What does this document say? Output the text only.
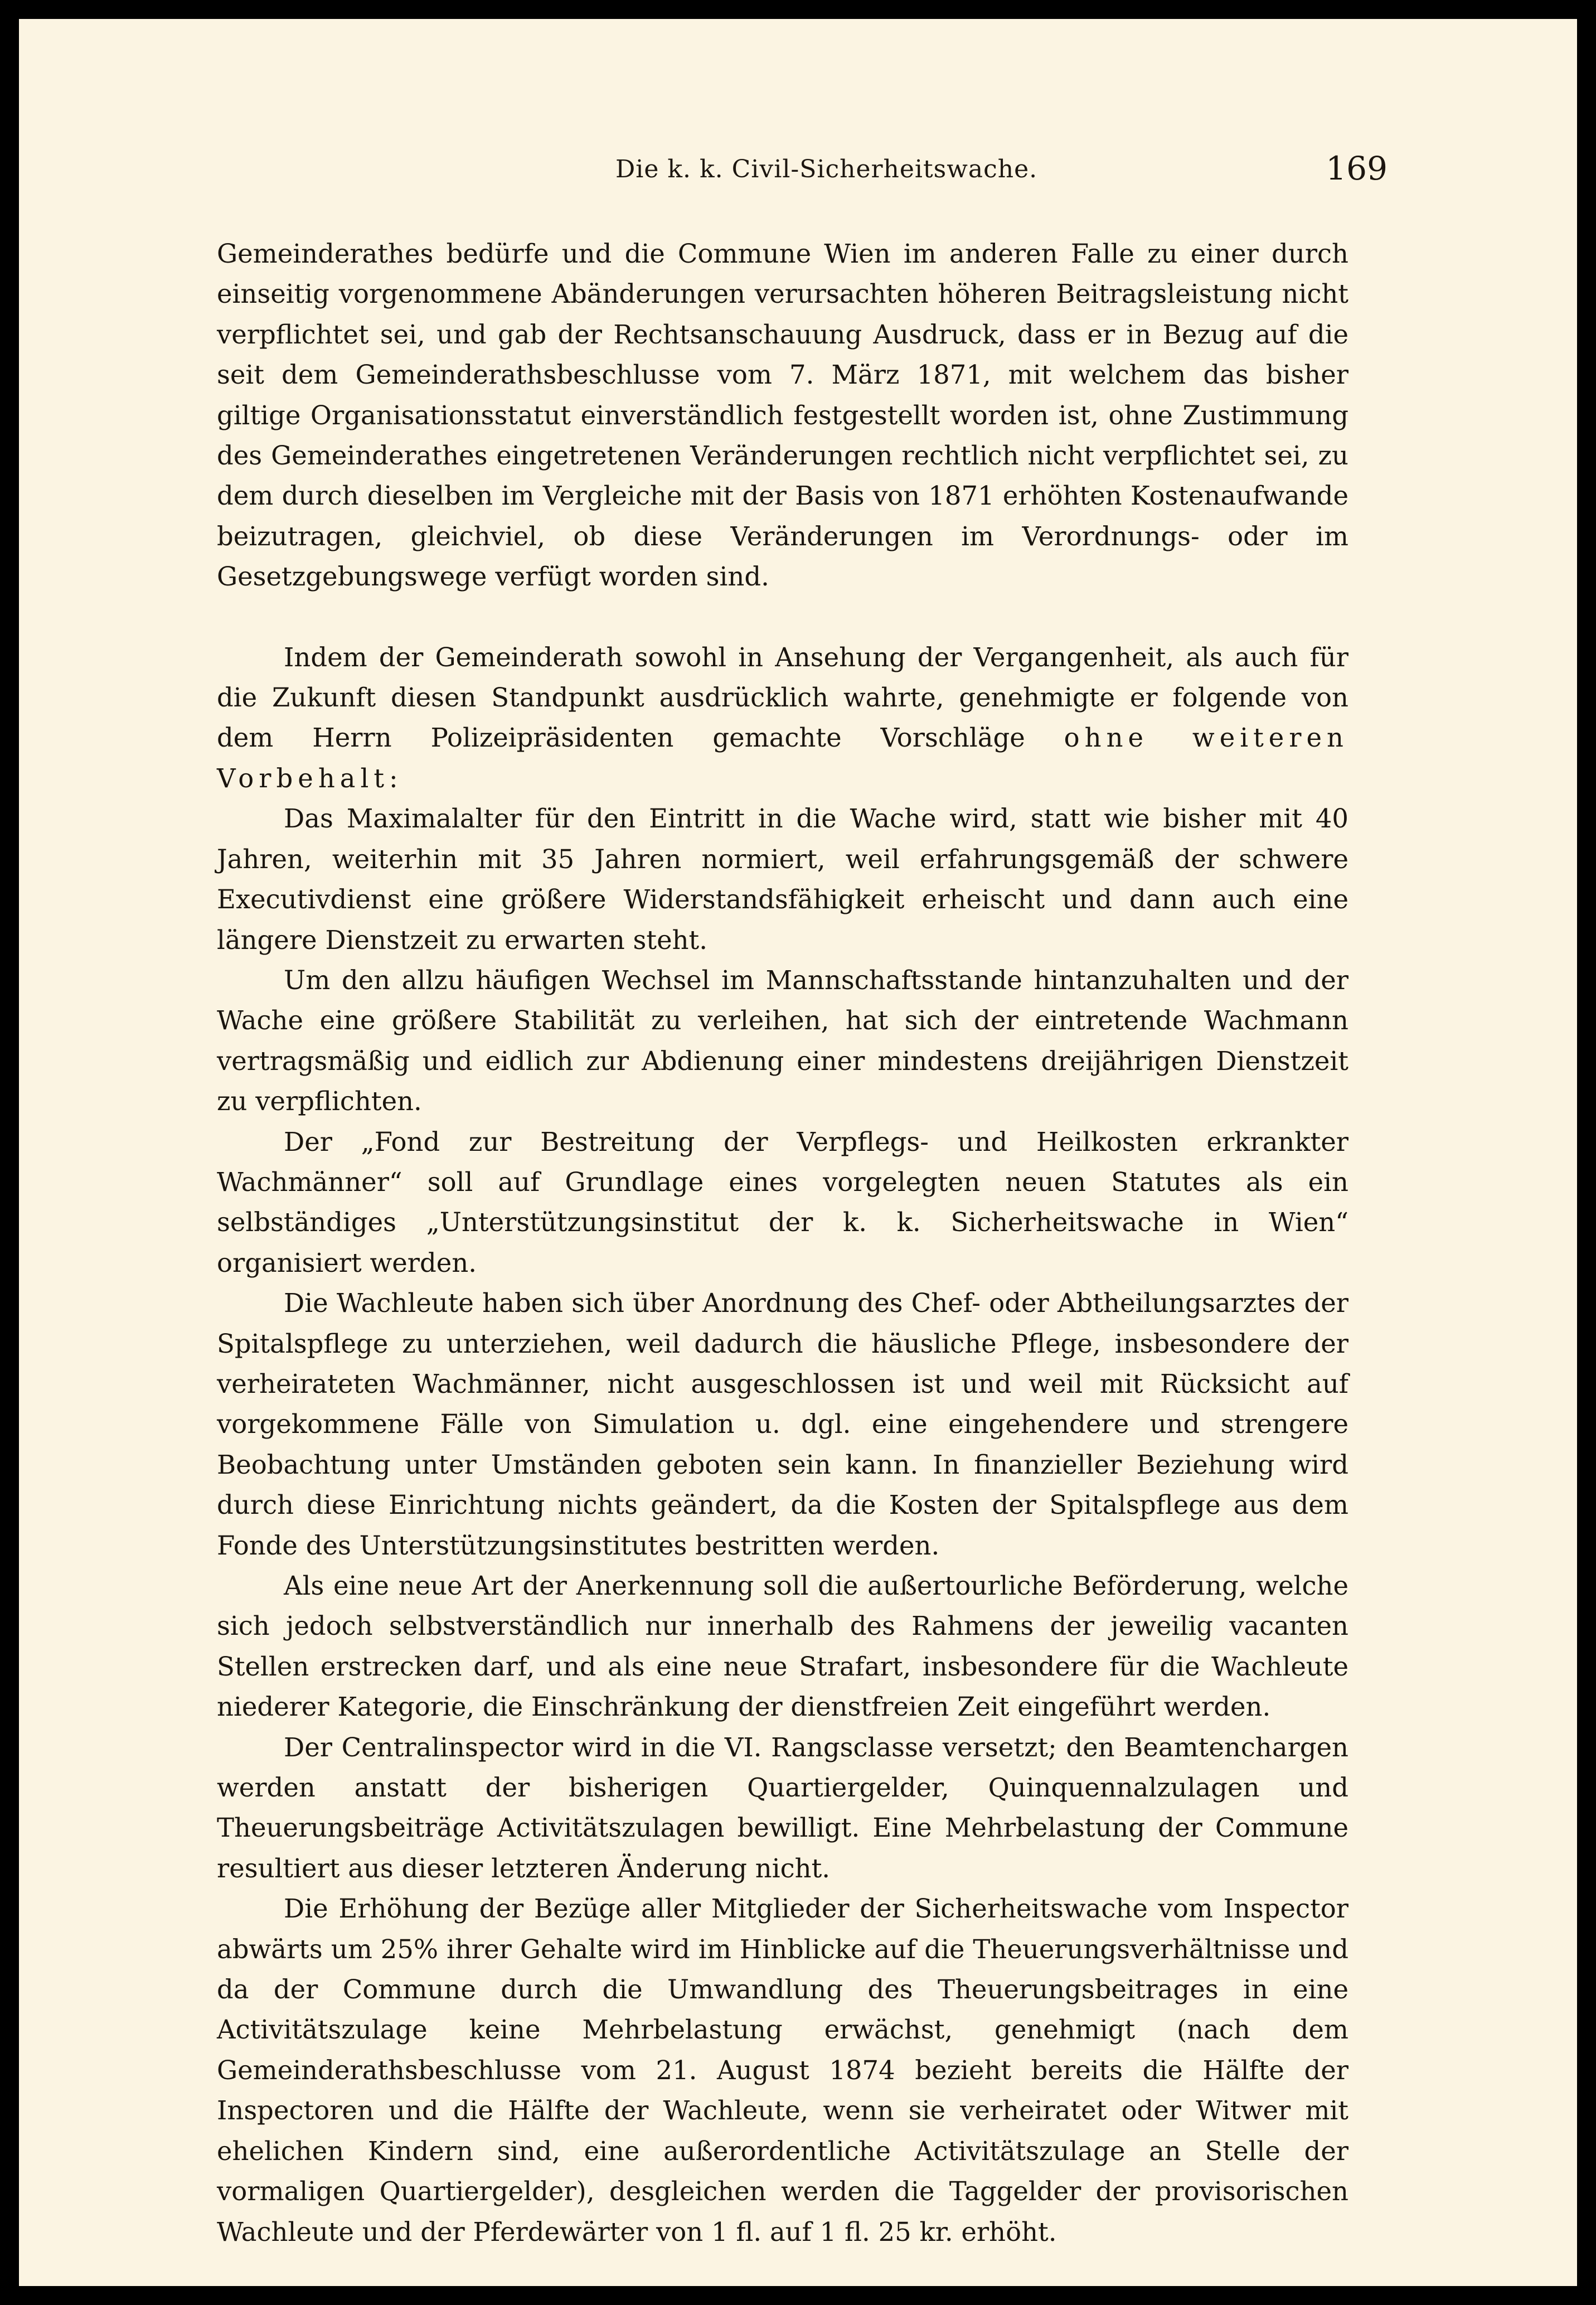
Die k. k. Civil-Sicherheitswache.	169

Gemeinderathes bedürfe und die Commune Wien im anderen Falle zu einer durch einseitig vorgenommene Abänderungen verursachten höheren Beitragsleistung nicht verpflichtet sei, und gab der Rechtsanschauung Ausdruck, dass er in Bezug auf die seit dem Gemeinderathsbeschlusse vom 7. März 1871, mit welchem das bisher giltige Organisationsstatut einverständlich festgestellt worden ist, ohne Zustimmung des Gemeinderathes eingetretenen Veränderungen rechtlich nicht verpflichtet sei, zu dem durch dieselben im Vergleiche mit der Basis von 1871 erhöhten Kostenaufwande beizutragen, gleichviel, ob diese Veränderungen im Verordnungs- oder im Gesetzgebungswege verfügt worden sind.

Indem der Gemeinderath sowohl in Ansehung der Vergangenheit, als auch für die Zukunft diesen Standpunkt ausdrücklich wahrte, genehmigte er folgende von dem Herrn Polizeipräsidenten gemachte Vorschläge ohne weiteren Vorbehalt:

Das Maximalalter für den Eintritt in die Wache wird, statt wie bisher mit 40 Jahren, weiterhin mit 35 Jahren normiert, weil erfahrungsgemäß der schwere Executivdienst eine größere Widerstandsfähigkeit erheischt und dann auch eine längere Dienstzeit zu erwarten steht.

Um den allzu häufigen Wechsel im Mannschaftsstande hintanzuhalten und der Wache eine größere Stabilität zu verleihen, hat sich der eintretende Wachmann vertragsmäßig und eidlich zur Abdienung einer mindestens dreijährigen Dienstzeit zu verpflichten.

Der „Fond zur Bestreitung der Verpflegs- und Heilkosten erkrankter Wachmänner“ soll auf Grundlage eines vorgelegten neuen Statutes als ein selbständiges „Unterstützungsinstitut der k. k. Sicherheitswache in Wien“ organisiert werden.

Die Wachleute haben sich über Anordnung des Chef- oder Abtheilungsarztes der Spitalspflege zu unterziehen, weil dadurch die häusliche Pflege, insbesondere der verheirateten Wachmänner, nicht ausgeschlossen ist und weil mit Rücksicht auf vorgekommene Fälle von Simulation u. dgl. eine eingehendere und strengere Beobachtung unter Umständen geboten sein kann. In finanzieller Beziehung wird durch diese Einrichtung nichts geändert, da die Kosten der Spitalspflege aus dem Fonde des Unterstützungsinstitutes bestritten werden.

Als eine neue Art der Anerkennung soll die außertourliche Beförderung, welche sich jedoch selbstverständlich nur innerhalb des Rahmens der jeweilig vacanten Stellen erstrecken darf, und als eine neue Strafart, insbesondere für die Wachleute niederer Kategorie, die Einschränkung der dienstfreien Zeit eingeführt werden.

Der Centralinspector wird in die VI. Rangsclasse versetzt; den Beamtenchargen werden anstatt der bisherigen Quartiergelder, Quinquennalzulagen und Theuerungsbeiträge Activitätszulagen bewilligt. Eine Mehrbelastung der Commune resultiert aus dieser letzteren Änderung nicht.

Die Erhöhung der Bezüge aller Mitglieder der Sicherheitswache vom Inspector abwärts um 25% ihrer Gehalte wird im Hinblicke auf die Theuerungsverhältnisse und da der Commune durch die Umwandlung des Theuerungsbeitrages in eine Activitätszulage keine Mehrbelastung erwächst, genehmigt (nach dem Gemeinderathsbeschlusse vom 21. August 1874 bezieht bereits die Hälfte der Inspectoren und die Hälfte der Wachleute, wenn sie verheiratet oder Witwer mit ehelichen Kindern sind, eine außerordentliche Activitätszulage an Stelle der vormaligen Quartiergelder), desgleichen werden die Taggelder der provisorischen Wachleute und der Pferdewärter von 1 fl. auf 1 fl. 25 kr. erhöht.
